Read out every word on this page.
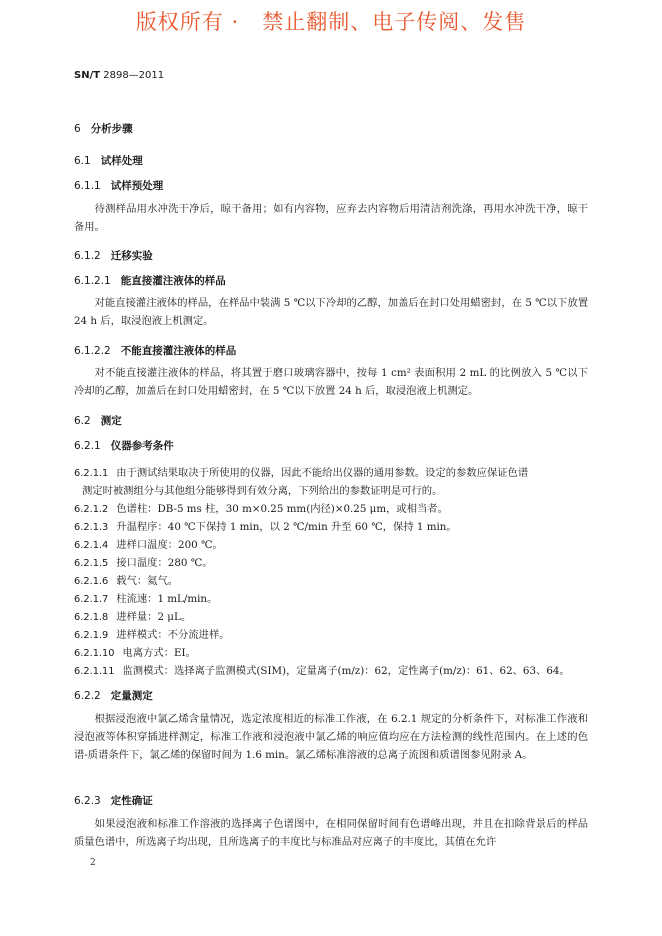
版权所有 ·   禁止翻制、电子传阅、发售
SN/T 2898—2011
6 分析步骤
6.1 试样处理
6.1.1 试样预处理
待测样品用水冲洗干净后，晾干备用；如有内容物，应弃去内容物后用清洁剂洗涤，再用水冲洗干净，晾干备用。
6.1.2 迁移实验
6.1.2.1 能直接灌注液体的样品
对能直接灌注液体的样品，在样品中装满 5 ℃以下冷却的乙醇，加盖后在封口处用蜡密封，在 5 ℃以下放置 24 h 后，取浸泡液上机测定。
6.1.2.2 不能直接灌注液体的样品
对不能直接灌注液体的样品，将其置于磨口玻璃容器中，按每 1 cm² 表面积用 2 mL 的比例放入 5 ℃以下冷却的乙醇，加盖后在封口处用蜡密封，在 5 ℃以下放置 24 h 后，取浸泡液上机测定。
6.2 测定
6.2.1 仪器参考条件
6.2.1.1 由于测试结果取决于所使用的仪器，因此不能给出仪器的通用参数。设定的参数应保证色谱
测定时被测组分与其他组分能够得到有效分离，下列给出的参数证明是可行的。
6.2.1.2 色谱柱：DB-5 ms 柱，30 m×0.25 mm(内径)×0.25 μm，或相当者。
6.2.1.3 升温程序：40 ℃下保持 1 min，以 2 ℃/min 升至 60 ℃，保持 1 min。
6.2.1.4 进样口温度：200 ℃。
6.2.1.5 接口温度：280 ℃。
6.2.1.6 载气：氦气。
6.2.1.7 柱流速：1 mL/min。
6.2.1.8 进样量：2 μL。
6.2.1.9 进样模式：不分流进样。
6.2.1.10 电离方式：EI。
6.2.1.11 监测模式：选择离子监测模式(SIM)，定量离子(m/z)：62，定性离子(m/z)：61、62、63、64。
6.2.2 定量测定
根据浸泡液中氯乙烯含量情况，选定浓度相近的标准工作液，在 6.2.1 规定的分析条件下，对标准工作液和浸泡液等体积穿插进样测定，标准工作液和浸泡液中氯乙烯的响应值均应在方法检测的线性范围内。在上述的色谱-质谱条件下，氯乙烯的保留时间为 1.6 min。氯乙烯标准溶液的总离子流图和质谱图参见附录 A。
6.2.3 定性确证
如果浸泡液和标准工作溶液的选择离子色谱图中，在相同保留时间有色谱峰出现，并且在扣除背景后的样品质量色谱中，所选离子均出现，且所选离子的丰度比与标准品对应离子的丰度比，其值在允许
2
